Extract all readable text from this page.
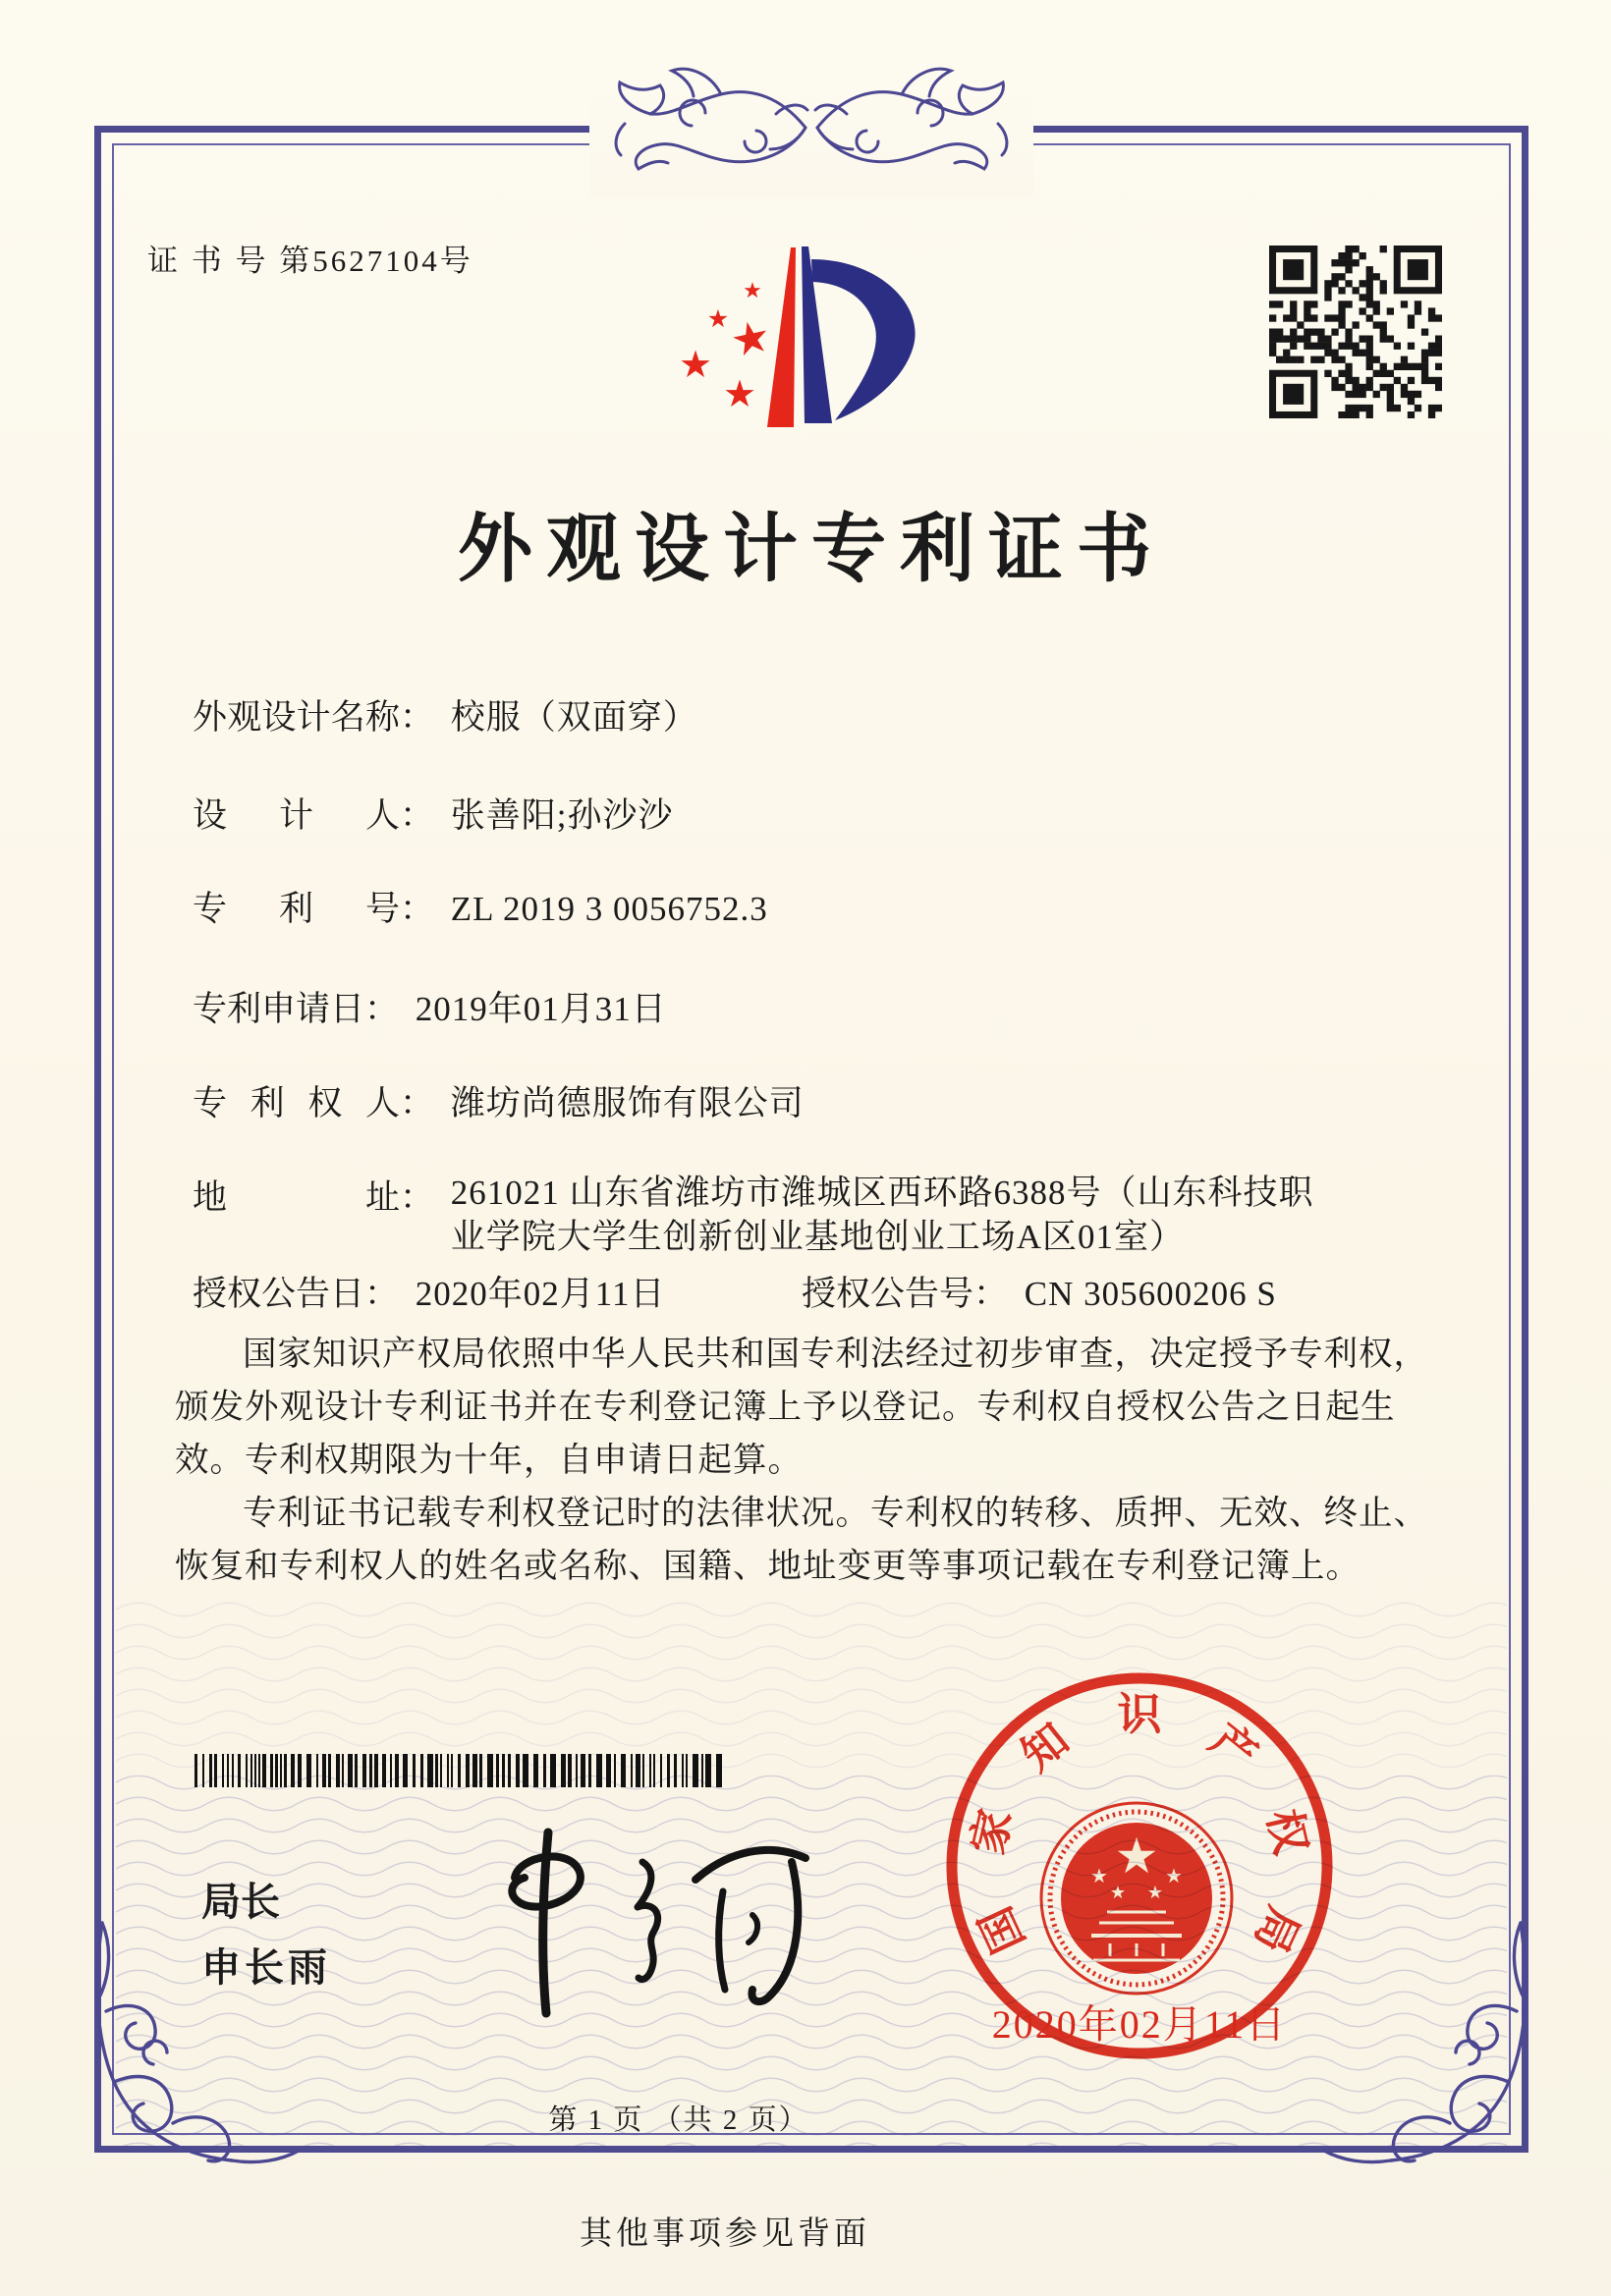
证 书 号 第5627104号
★
★
★
★
★
外观设计专利证书
外观设计名称： 校服（双面穿）
设计人： 张善阳;孙沙沙
专利号： ZL 2019 3 0056752.3
专利申请日： 2019年01月31日
专利权人： 潍坊尚德服饰有限公司
地址： 261021 山东省潍坊市潍城区西环路6388号（山东科技职
业学院大学生创新创业基地创业工场A区01室）
授权公告日： 2020年02月11日	授权公告号： CN 305600206 S

国家知识产权局依照中华人民共和国专利法经过初步审查，决定授予专利权，颁发外观设计专利证书并在专利登记簿上予以登记。专利权自授权公告之日起生效。专利权期限为十年，自申请日起算。

专利证书记载专利权登记时的法律状况。专利权的转移、质押、无效、终止、恢复和专利权人的姓名或名称、国籍、地址变更等事项记载在专利登记簿上。

局长
申长雨
★
★	★
★ ★
国
家
知 识 产
权
局
2020年02月11日
第 1 页 （共 2 页）
其他事项参见背面
